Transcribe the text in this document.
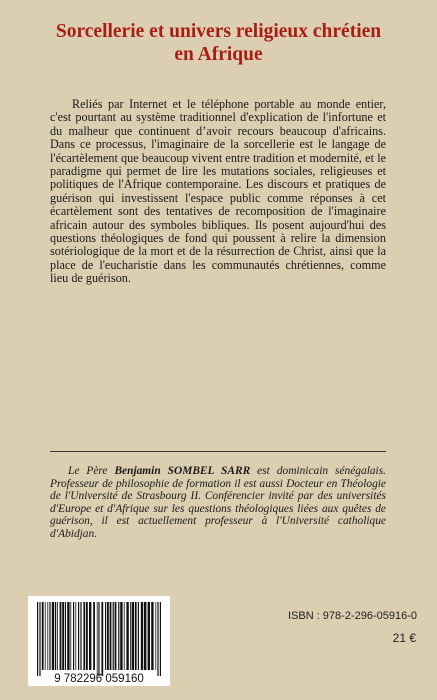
Sorcellerie et univers religieux chrétien
en Afrique

Reliés par Internet et le téléphone portable au monde entier, c'est pourtant au système traditionnel d'explication de l'infortune et du malheur que continuent d’avoir recours beaucoup d'africains. Dans ce processus, l'imaginaire de la sorcellerie est le langage de l'écartèlement que beaucoup vivent entre tradition et modernité, et le paradigme qui permet de lire les mutations sociales, religieuses et politiques de l'Afrique contemporaine. Les discours et pratiques de guérison qui investissent l'espace public comme réponses à cet écartèlement sont des tentatives de recomposition de l'imaginaire africain autour des symboles bibliques. Ils posent aujourd'hui des questions théologiques de fond qui poussent à relire la dimension sotériologique de la mort et de la résurrection de Christ, ainsi que la place de l'eucharistie dans les communautés chrétiennes, comme lieu de guérison.

Le Père Benjamin SOMBEL SARR est dominicain sénégalais. Professeur de philosophie de formation il est aussi Docteur en Théologie de l'Université de Strasbourg II. Conférencier invité par des universités d'Europe et d'Afrique sur les questions théologiques liées aux quêtes de guérison, il est actuellement professeur à l'Université catholique d'Abidjan.

9 782296 059160
ISBN : 978-2-296-05916-0
21 €
